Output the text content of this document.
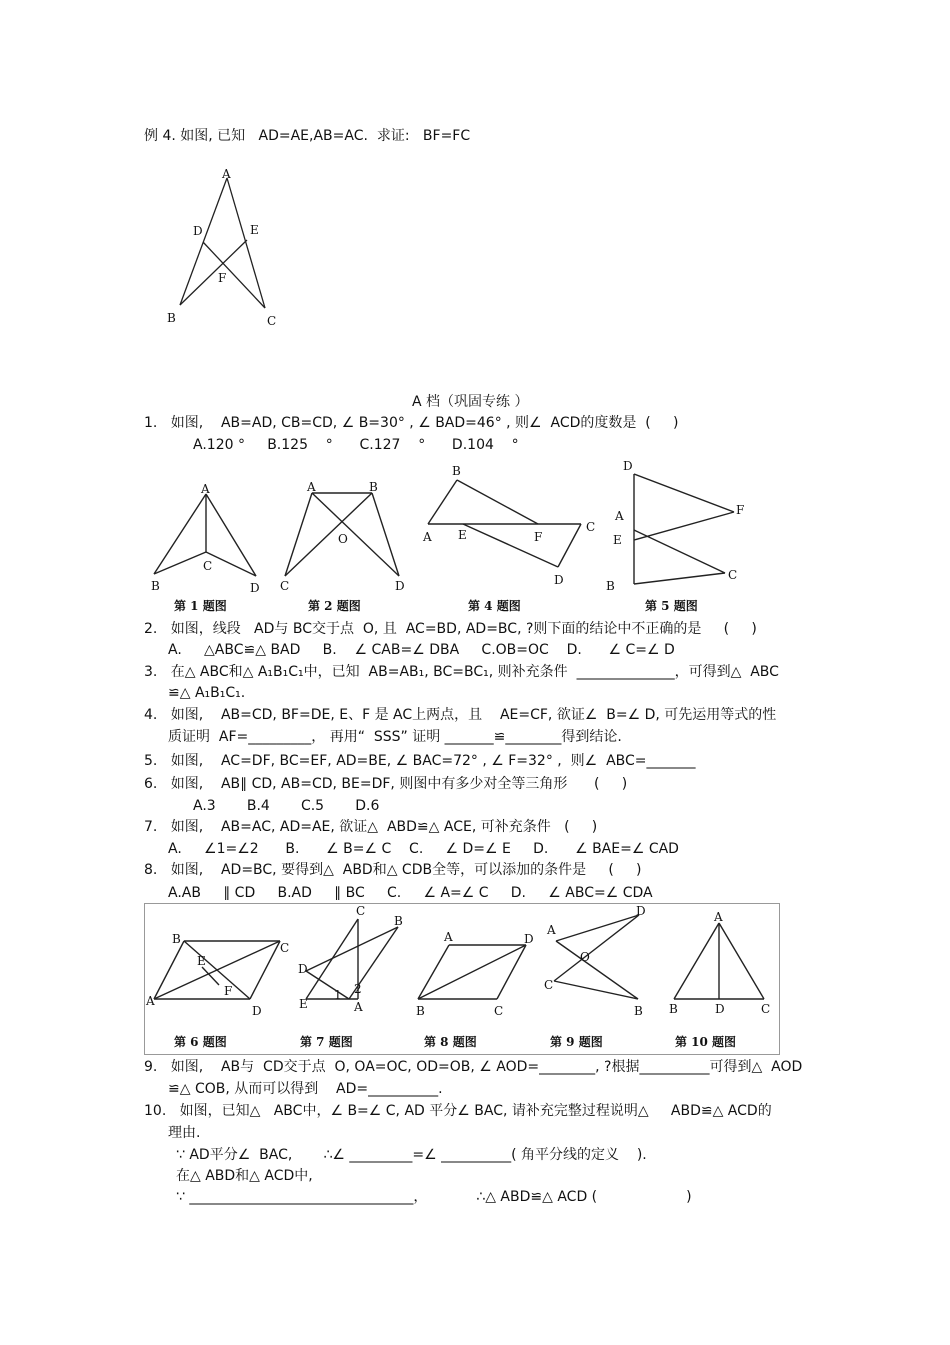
例 4. 如图, 已知   AD=AE,AB=AC.  求证:   BF=FC
A
D	E
F
B	C
A 档（巩固专练 ）
1.   如图,    AB=AD, CB=CD, ∠ B=30° , ∠ BAD=46° , 则∠  ACD的度数是  (     )
A.120 °     B.125    °      C.127    °      D.104    °
A
B
C
D
A	B
O
C	D
B
A E	F
C
D
D
A
E
F
C
B
第 1 题图	第 2 题图	第 4 题图	第 5 题图
2.   如图，线段   AD与 BC交于点  O, 且  AC=BD, AD=BC, ?则下面的结论中不正确的是     (     )
A.     △ABC≌△ BAD     B.    ∠ CAB=∠ DBA     C.OB=OC    D.      ∠ C=∠ D
3.   在△ ABC和△ A₁B₁C₁中，已知  AB=AB₁, BC=BC₁, 则补充条件  ______________，可得到△  ABC
≌△ A₁B₁C₁.
4.   如图,    AB=CD, BF=DE, E、F 是 AC上两点，且    AE=CF, 欲证∠  B=∠ D, 可先运用等式的性
质证明  AF=_________， 再用“  SSS” 证明 _______≌________得到结论.
5.   如图,    AC=DF, BC=EF, AD=BE, ∠ BAC=72° , ∠ F=32° ,  则∠  ABC=_______
6.   如图,    AB∥ CD, AB=CD, BE=DF, 则图中有多少对全等三角形      (     )
A.3       B.4       C.5       D.6
7.   如图,    AB=AC, AD=AE, 欲证△  ABD≌△ ACE, 可补充条件   (     )
A.     ∠1=∠2      B.      ∠ B=∠ C    C.     ∠ D=∠ E     D.      ∠ BAE=∠ CAD
8.   如图,    AD=BC, 要得到△  ABD和△ CDB全等，可以添加的条件是     (     )
A.AB     ∥ CD     B.AD     ∥ BC     C.     ∠ A=∠ C     D.     ∠ ABC=∠ CDA
B
C
A
D
E
F
C
B
D
E	A
1 2
A	D
B	C
A
D
O
C
B
A
B	D	C
第 6 题图	第 7 题图	第 8 题图	第 9 题图	第 10 题图
9.   如图,    AB与  CD交于点  O, OA=OC, OD=OB, ∠ AOD=________, ?根据__________可得到△  AOD
≌△ COB, 从而可以得到    AD=__________.
10.   如图，已知△   ABC中，∠ B=∠ C, AD 平分∠ BAC, 请补充完整过程说明△     ABD≌△ ACD的
理由.
∵ AD平分∠  BAC,       ∴∠ _________=∠ __________( 角平分线的定义    ).
在△ ABD和△ ACD中,
∵ ________________________________，           ∴△ ABD≌△ ACD (                    )
